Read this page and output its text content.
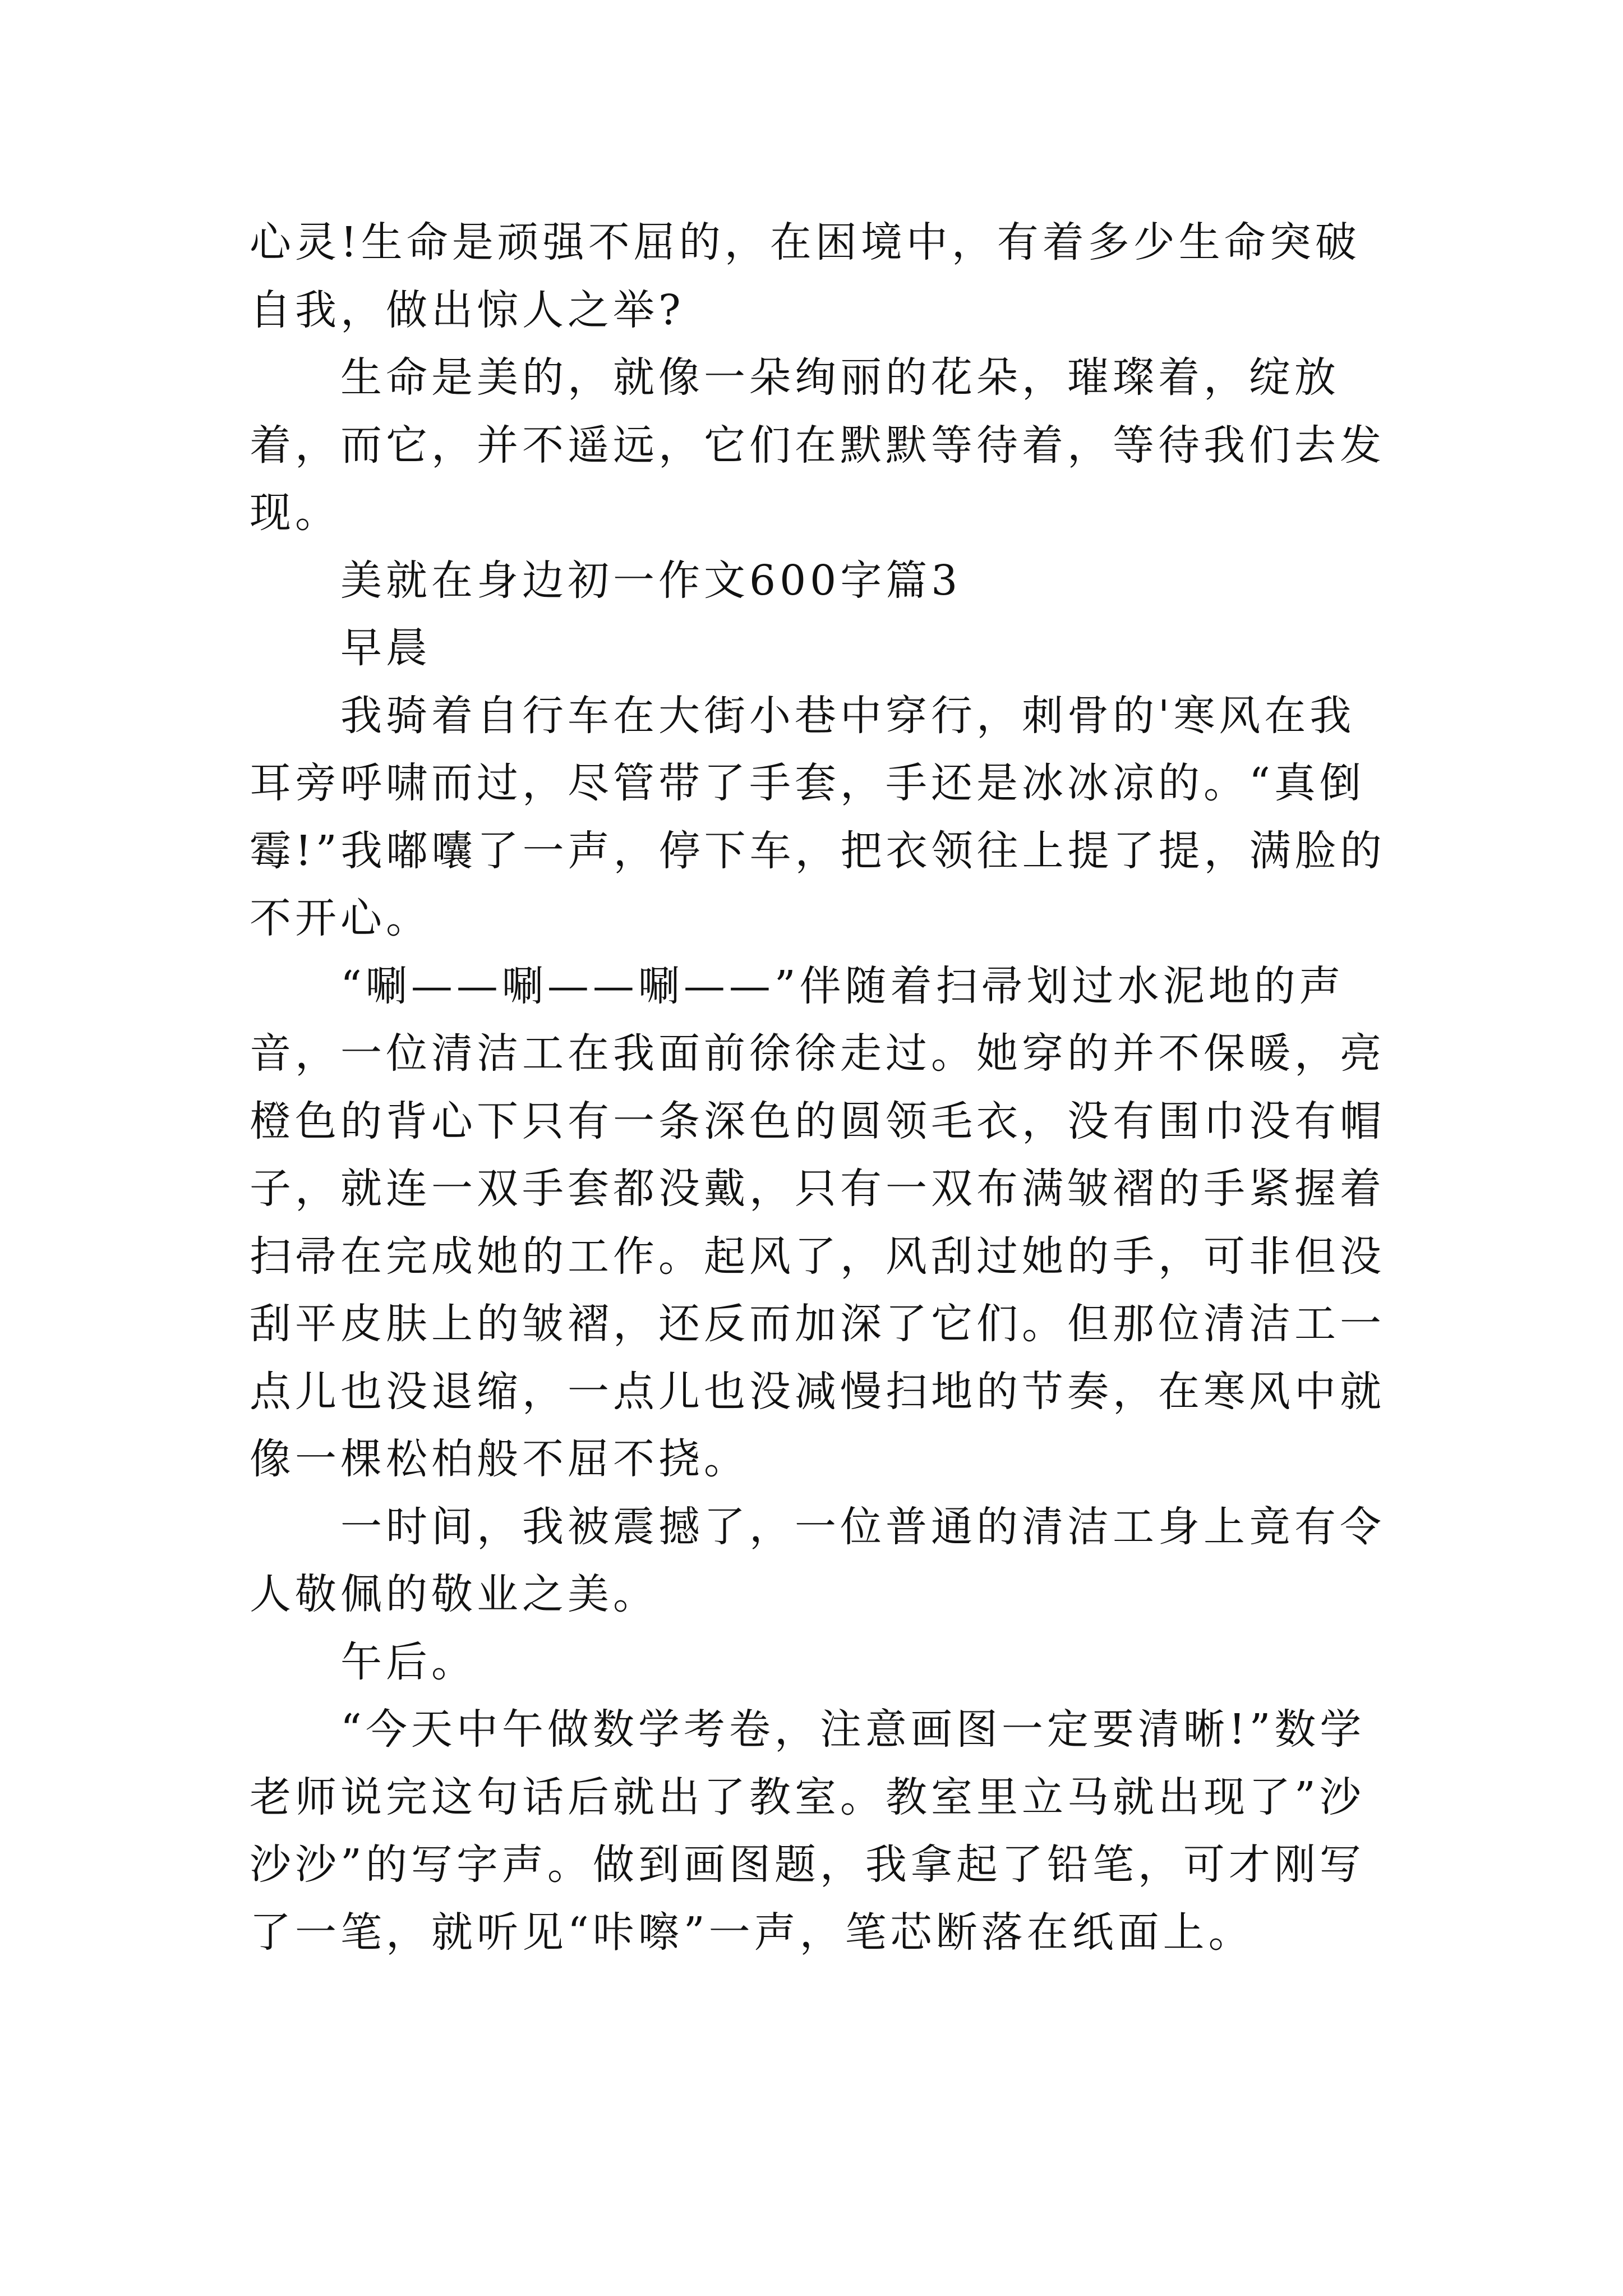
心灵!生命是顽强不屈的，在困境中，有着多少生命突破自我，做出惊人之举?

生命是美的，就像一朵绚丽的花朵，璀璨着，绽放着，而它，并不遥远，它们在默默等待着，等待我们去发现。

美就在身边初一作文600字篇3

早晨

我骑着自行车在大街小巷中穿行，刺骨的'寒风在我耳旁呼啸而过，尽管带了手套，手还是冰冰凉的。“真倒霉!”我嘟囔了一声，停下车，把衣领往上提了提，满脸的不开心。

“唰——唰——唰——”伴随着扫帚划过水泥地的声音，一位清洁工在我面前徐徐走过。她穿的并不保暖，亮橙色的背心下只有一条深色的圆领毛衣，没有围巾没有帽子，就连一双手套都没戴，只有一双布满皱褶的手紧握着扫帚在完成她的工作。起风了，风刮过她的手，可非但没刮平皮肤上的皱褶，还反而加深了它们。但那位清洁工一点儿也没退缩，一点儿也没减慢扫地的节奏，在寒风中就像一棵松柏般不屈不挠。

一时间，我被震撼了，一位普通的清洁工身上竟有令人敬佩的敬业之美。

午后。

“今天中午做数学考卷，注意画图一定要清晰!”数学老师说完这句话后就出了教室。教室里立马就出现了”沙沙沙”的写字声。做到画图题，我拿起了铅笔，可才刚写了一笔，就听见“咔嚓”一声，笔芯断落在纸面上。
